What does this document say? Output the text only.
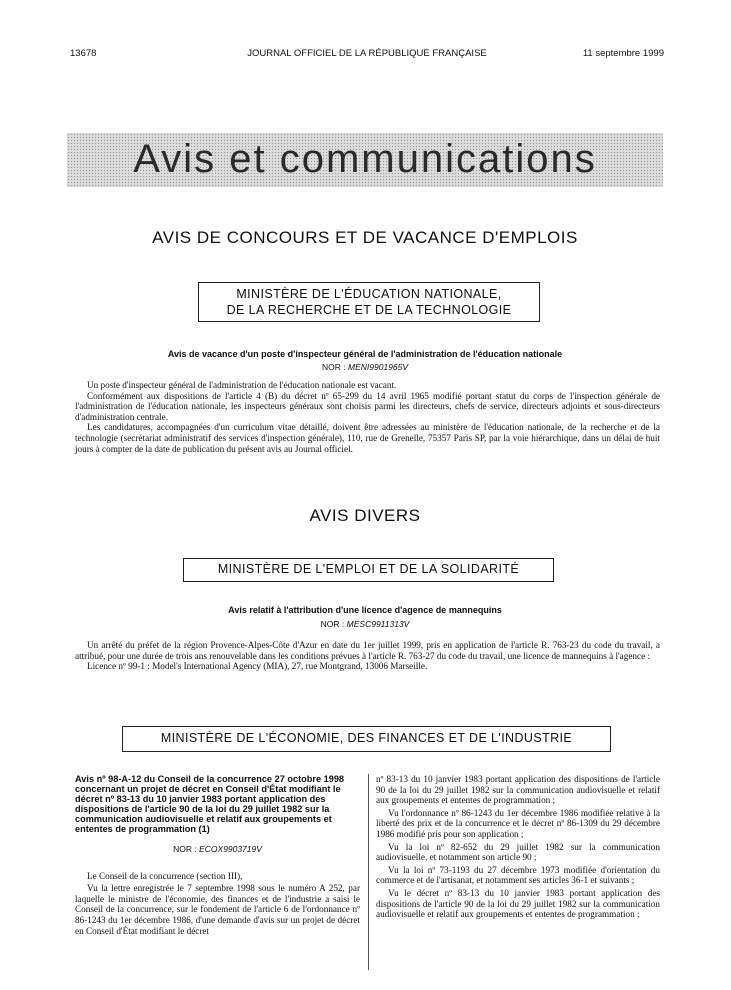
13678	JOURNAL OFFICIEL DE LA RÉPUBLIQUE FRANÇAISE	11 septembre 1999
Avis et communications
AVIS DE CONCOURS ET DE VACANCE D'EMPLOIS
MINISTÈRE DE L'ÉDUCATION NATIONALE,
DE LA RECHERCHE ET DE LA TECHNOLOGIE
Avis de vacance d'un poste d'inspecteur général de l'administration de l'éducation nationale
NOR : MENI9901965V

Un poste d'inspecteur général de l'administration de l'éducation nationale est vacant.

Conformément aux dispositions de l'article 4 (B) du décret nº 65-299 du 14 avril 1965 modifié portant statut du corps de l'inspection générale de l'administration de l'éducation nationale, les inspecteurs généraux sont choisis parmi les directeurs, chefs de service, directeurs adjoints et sous-directeurs d'administration centrale.

Les candidatures, accompagnées d'un curriculum vitae détaillé, doivent être adressées au ministère de l'éducation nationale, de la recherche et de la technologie (secrétariat administratif des services d'inspection générale), 110, rue de Grenelle, 75357 Paris SP, par la voie hiérarchique, dans un délai de huit jours à compter de la date de publication du présent avis au Journal officiel.

AVIS DIVERS
MINISTÈRE DE L'EMPLOI ET DE LA SOLIDARITÉ
Avis relatif à l'attribution d'une licence d'agence de mannequins
NOR : MESC9911313V

Un arrêté du préfet de la région Provence-Alpes-Côte d'Azur en date du 1er juillet 1999, pris en application de l'article R. 763-23 du code du travail, a attribué, pour une durée de trois ans renouvelable dans les conditions prévues à l'article R. 763-27 du code du travail, une licence de mannequins à l'agence :

Licence nº 99-1 : Model's International Agency (MIA), 27, rue Montgrand, 13006 Marseille.

MINISTÈRE DE L'ÉCONOMIE, DES FINANCES ET DE L'INDUSTRIE
Avis nº 98-A-12 du Conseil de la concurrence 27 octobre 1998 concernant un projet de décret en Conseil d'État modifiant le décret nº 83-13 du 10 janvier 1983 portant application des dispositions de l'article 90 de la loi du 29 juillet 1982 sur la communication audiovisuelle et relatif aux groupements et ententes de programmation (1)
NOR : ECOX9903719V

Le Conseil de la concurrence (section III),

Vu la lettre enregistrée le 7 septembre 1998 sous le numéro A 252, par laquelle le ministre de l'économie, des finances et de l'industrie a saisi le Conseil de la concurrence, sur le fondement de l'article 6 de l'ordonnance nº 86-1243 du 1er décembre 1986, d'une demande d'avis sur un projet de décret en Conseil d'État modifiant le décret

nº 83-13 du 10 janvier 1983 portant application des dispositions de l'article 90 de la loi du 29 juillet 1982 sur la communication audiovisuelle et relatif aux groupements et ententes de programmation ;

Vu l'ordonnance nº 86-1243 du 1er décembre 1986 modifiée relative à la liberté des prix et de la concurrence et le décret nº 86-1309 du 29 décembre 1986 modifié pris pour son application ;

Vu la loi nº 82-652 du 29 juillet 1982 sur la communication audiovisuelle, et notamment son article 90 ;

Vu la loi nº 73-1193 du 27 décembre 1973 modifiée d'orientation du commerce et de l'artisanat, et notamment ses articles 36-1 et suivants ;

Vu le décret nº 83-13 du 10 janvier 1983 portant application des dispositions de l'article 90 de la loi du 29 juillet 1982 sur la communication audiovisuelle et relatif aux groupements et ententes de programmation ;
